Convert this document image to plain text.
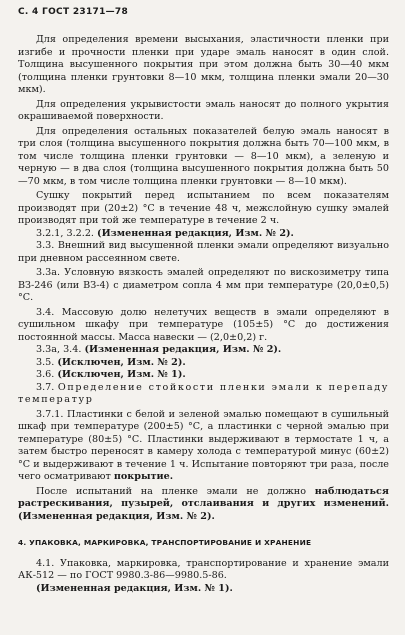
С. 4 ГОСТ 23171—78

Для определения времени высыхания, эластичности пленки при изгибе и прочности пленки при ударе эмаль наносят в один слой. Толщина высушенного покрытия при этом должна быть 30—40 мкм (толщина пленки грунтовки 8—10 мкм, толщина пленки эмали 20—30 мкм).

Для определения укрывистости эмаль наносят до полного укрытия окрашиваемой поверхности.

Для определения остальных показателей белую эмаль наносят в три слоя (толщина высушенного покрытия должна быть 70—100 мкм, в том числе толщина пленки грунтовки — 8—10 мкм), а зеленую и черную — в два слоя (толщина высушенного покрытия должна быть 50—70 мкм, в том числе толщина пленки грунтовки — 8—10 мкм).

Сушку покрытий перед испытанием по всем показателям производят при (20±2) °С в течение 48 ч, межслойную сушку эмалей производят при той же температуре в течение 2 ч.

3.2.1, 3.2.2. (Измененная редакция, Изм. № 2).

3.3. Внешний вид высушенной пленки эмали определяют визуально при дневном рассеянном свете.

3.3а. Условную вязкость эмалей определяют по вискозиметру типа ВЗ-246 (или ВЗ-4) с диаметром сопла 4 мм при температуре (20,0±0,5) °С.

3.4. Массовую долю нелетучих веществ в эмали определяют в сушильном шкафу при температуре (105±5) °С до достижения постоянной массы. Масса навески — (2,0±0,2) г.

3.3а, 3.4. (Измененная редакция, Изм. № 2).

3.5. (Исключен, Изм. № 2).

3.6. (Исключен, Изм. № 1).

3.7. Определение стойкости пленки эмали к перепаду температур

3.7.1. Пластинки с белой и зеленой эмалью помещают в сушильный шкаф при температуре (200±5) °С, а пластинки с черной эмалью при температуре (80±5) °С. Пластинки выдерживают в термостате 1 ч, а затем быстро переносят в камеру холода с температурой минус (60±2) °С и выдерживают в течение 1 ч. Испытание повторяют три раза, после чего осматривают покрытие.

После испытаний на пленке эмали не должно наблюдаться растрескивания, пузырей, отслаивания и других изменений. (Измененная редакция, Изм. № 2).

4. УПАКОВКА, МАРКИРОВКА, ТРАНСПОРТИРОВАНИЕ И ХРАНЕНИЕ

4.1. Упаковка, маркировка, транспортирование и хранение эмали АК-512 — по ГОСТ 9980.3-86—9980.5-86.

(Измененная редакция, Изм. № 1).
